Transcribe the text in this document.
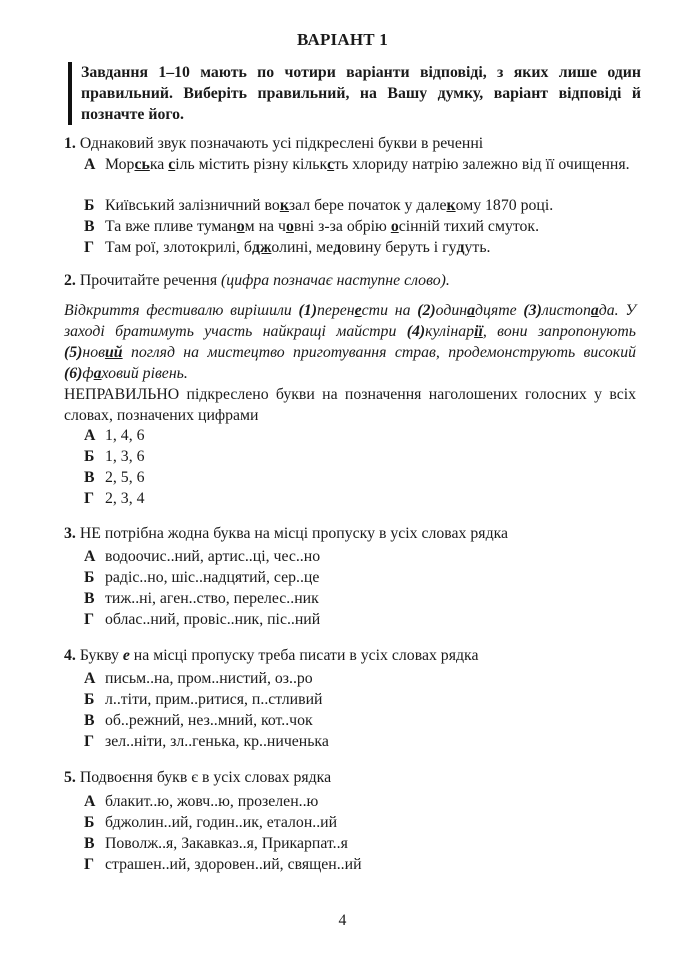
ВАРІАНТ 1
Завдання 1–10 мають по чотири варіанти відповіді, з яких лише один правильний. Виберіть правильний, на Вашу думку, варіант відповіді й позначте його.
1. Однаковий звук позначають усі підкреслені букви в реченні
А Морська сіль містить різну кільксть хлориду натрію залежно від її очищення.
Б Київський залізничний вокзал бере початок у далекому 1870 році.
В Та вже пливе туманом на човні з-за обрію осінній тихий смуток.
Г Там рої, злотокрилі, бджолині, медовину беруть і гудуть.
2. Прочитайте речення (цифра позначає наступне слово).
Відкриття фестивалю вирішили (1)перенести на (2)одинадцяте (3)листопада. У заході братимуть участь найкращі майстри (4)кулінарії, вони запропонують (5)новий погляд на мистецтво приготування страв, продемонструють високий (6)фаховий рівень.
НЕПРАВИЛЬНО підкреслено букви на позначення наголошених голосних у всіх словах, позначених цифрами
А 1, 4, 6
Б 1, 3, 6
В 2, 5, 6
Г 2, 3, 4
3. НЕ потрібна жодна буква на місці пропуску в усіх словах рядка
А водоочис..ний, артис..ці, чес..но
Б радіс..но, шіс..надцятий, сер..це
В тиж..ні, аген..ство, перелес..ник
Г облас..ний, провіс..ник, піс..ний
4. Букву е на місці пропуску треба писати в усіх словах рядка
А письм..на, пром..нистий, оз..ро
Б л..тіти, прим..ритися, п..стливий
В об..режний, нез..мний, кот..чок
Г зел..ніти, зл..генька, кр..ниченька
5. Подвоєння букв є в усіх словах рядка
А блакит..ю, жовч..ю, прозелен..ю
Б бджолин..ий, годин..ик, еталон..ий
В Поволж..я, Закавказ..я, Прикарпат..я
Г страшен..ий, здоровен..ий, священ..ий
4
